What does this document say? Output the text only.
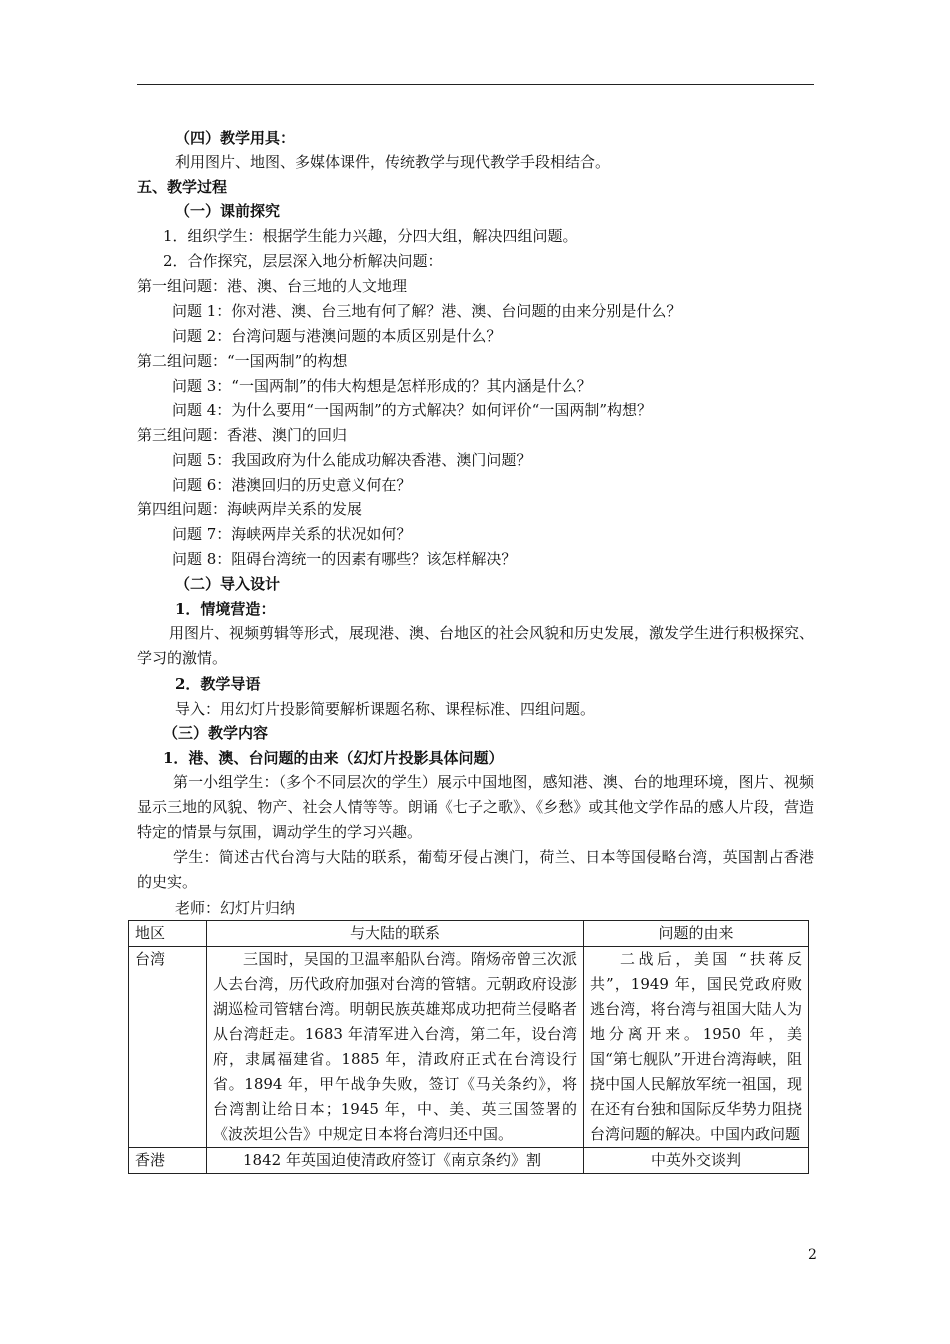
（四）教学用具：
利用图片、地图、多媒体课件，传统教学与现代教学手段相结合。
五、教学过程
（一）课前探究
1．组织学生：根据学生能力兴趣，分四大组，解决四组问题。
2．合作探究，层层深入地分析解决问题：
第一组问题：港、澳、台三地的人文地理
问题 1：你对港、澳、台三地有何了解？港、澳、台问题的由来分别是什么？
问题 2：台湾问题与港澳问题的本质区别是什么？
第二组问题：“一国两制”的构想
问题 3：“一国两制”的伟大构想是怎样形成的？其内涵是什么？
问题 4：为什么要用“一国两制”的方式解决？如何评价“一国两制”构想？
第三组问题：香港、澳门的回归
问题 5：我国政府为什么能成功解决香港、澳门问题？
问题 6：港澳回归的历史意义何在？
第四组问题：海峡两岸关系的发展
问题 7：海峡两岸关系的状况如何？
问题 8：阻碍台湾统一的因素有哪些？该怎样解决？
（二）导入设计
1．情境营造：
用图片、视频剪辑等形式，展现港、澳、台地区的社会风貌和历史发展，激发学生进行积极探究、学习的激情。
2．教学导语
导入：用幻灯片投影简要解析课题名称、课程标准、四组问题。
（三）教学内容
1．港、澳、台问题的由来（幻灯片投影具体问题）
第一小组学生：（多个不同层次的学生）展示中国地图，感知港、澳、台的地理环境，图片、视频显示三地的风貌、物产、社会人情等等。朗诵《七子之歌》、《乡愁》或其他文学作品的感人片段，营造特定的情景与氛围，调动学生的学习兴趣。
学生：简述古代台湾与大陆的联系，葡萄牙侵占澳门，荷兰、日本等国侵略台湾，英国割占香港的史实。
老师：幻灯片归纳
地区	与大陆的联系	问题的由来
台湾	三国时，吴国的卫温率船队台湾。隋炀帝曾三次派人去台湾，历代政府加强对台湾的管辖。元朝政府设澎湖巡检司管辖台湾。明朝民族英雄郑成功把荷兰侵略者从台湾赶走。1683 年清军进入台湾，第二年，设台湾府，隶属福建省。1885 年，清政府正式在台湾设行省。1894 年，甲午战争失败，签订《马关条约》，将台湾割让给日本；1945 年，中、美、英三国签署的《波茨坦公告》中规定日本将台湾归还中国。	二战后，美国 “扶蒋反共”，1949 年，国民党政府败逃台湾，将台湾与祖国大陆人为地分离开来。1950 年，美国“第七舰队”开进台湾海峡，阻挠中国人民解放军统一祖国，现在还有台独和国际反华势力阻挠台湾问题的解决。中国内政问题
香港	1842 年英国迫使清政府签订《南京条约》割	中英外交谈判
2
